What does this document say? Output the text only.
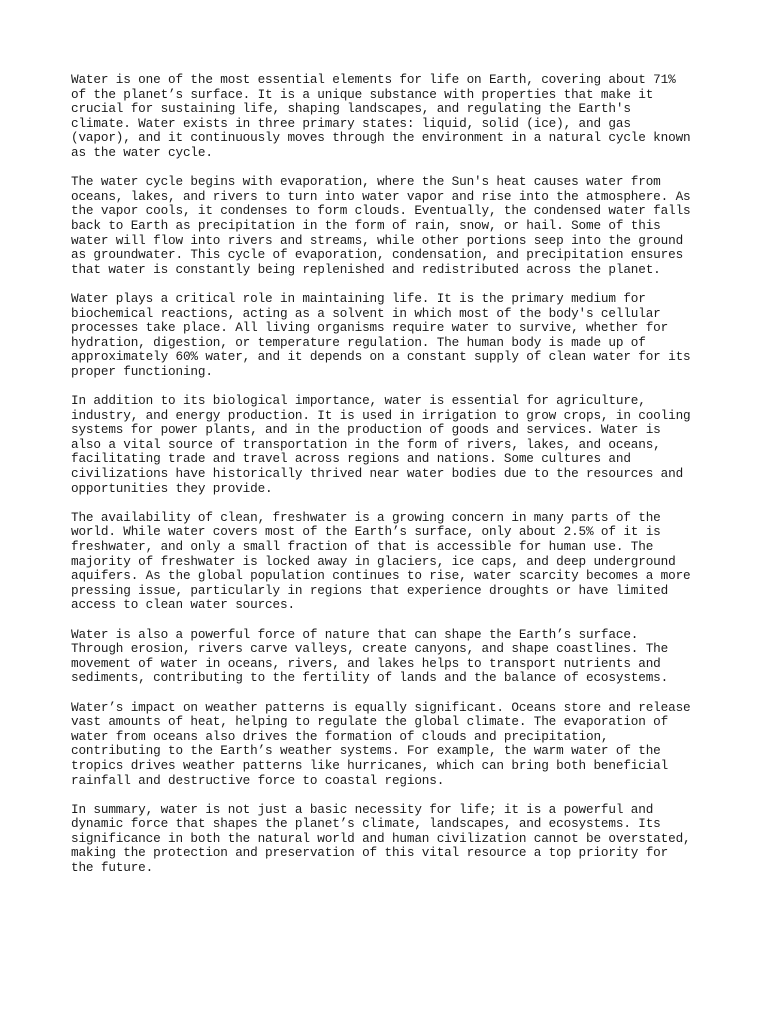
Water is one of the most essential elements for life on Earth, covering about 71%
of the planet’s surface. It is a unique substance with properties that make it
crucial for sustaining life, shaping landscapes, and regulating the Earth's
climate. Water exists in three primary states: liquid, solid (ice), and gas
(vapor), and it continuously moves through the environment in a natural cycle known
as the water cycle.

The water cycle begins with evaporation, where the Sun's heat causes water from
oceans, lakes, and rivers to turn into water vapor and rise into the atmosphere. As
the vapor cools, it condenses to form clouds. Eventually, the condensed water falls
back to Earth as precipitation in the form of rain, snow, or hail. Some of this
water will flow into rivers and streams, while other portions seep into the ground
as groundwater. This cycle of evaporation, condensation, and precipitation ensures
that water is constantly being replenished and redistributed across the planet.

Water plays a critical role in maintaining life. It is the primary medium for
biochemical reactions, acting as a solvent in which most of the body's cellular
processes take place. All living organisms require water to survive, whether for
hydration, digestion, or temperature regulation. The human body is made up of
approximately 60% water, and it depends on a constant supply of clean water for its
proper functioning.

In addition to its biological importance, water is essential for agriculture,
industry, and energy production. It is used in irrigation to grow crops, in cooling
systems for power plants, and in the production of goods and services. Water is
also a vital source of transportation in the form of rivers, lakes, and oceans,
facilitating trade and travel across regions and nations. Some cultures and
civilizations have historically thrived near water bodies due to the resources and
opportunities they provide.

The availability of clean, freshwater is a growing concern in many parts of the
world. While water covers most of the Earth’s surface, only about 2.5% of it is
freshwater, and only a small fraction of that is accessible for human use. The
majority of freshwater is locked away in glaciers, ice caps, and deep underground
aquifers. As the global population continues to rise, water scarcity becomes a more
pressing issue, particularly in regions that experience droughts or have limited
access to clean water sources.

Water is also a powerful force of nature that can shape the Earth’s surface.
Through erosion, rivers carve valleys, create canyons, and shape coastlines. The
movement of water in oceans, rivers, and lakes helps to transport nutrients and
sediments, contributing to the fertility of lands and the balance of ecosystems.

Water’s impact on weather patterns is equally significant. Oceans store and release
vast amounts of heat, helping to regulate the global climate. The evaporation of
water from oceans also drives the formation of clouds and precipitation,
contributing to the Earth’s weather systems. For example, the warm water of the
tropics drives weather patterns like hurricanes, which can bring both beneficial
rainfall and destructive force to coastal regions.

In summary, water is not just a basic necessity for life; it is a powerful and
dynamic force that shapes the planet’s climate, landscapes, and ecosystems. Its
significance in both the natural world and human civilization cannot be overstated,
making the protection and preservation of this vital resource a top priority for
the future.
